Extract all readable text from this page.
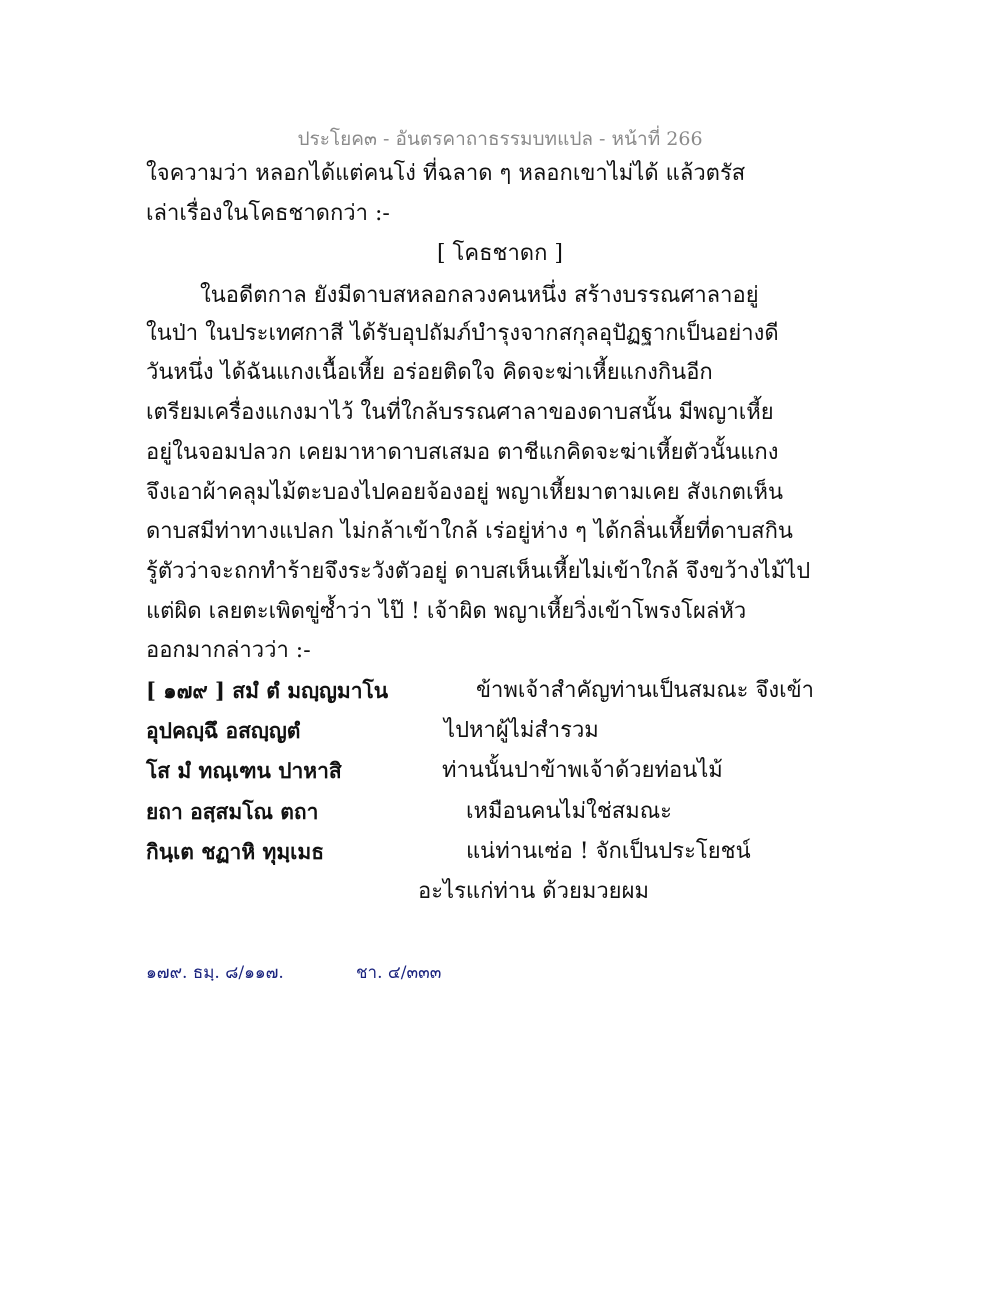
ประโยค๓ - อันตรคาถาธรรมบทแปล - หน้าที่ 266
ใจความว่า หลอกได้แต่คนโง่ ที่ฉลาด ๆ หลอกเขาไม่ได้ แล้วตรัส
เล่าเรื่องในโคธชาดกว่า :-
[ โคธชาดก ]
ในอดีตกาล ยังมีดาบสหลอกลวงคนหนึ่ง สร้างบรรณศาลาอยู่
ในป่า ในประเทศกาสี ได้รับอุปถัมภ์บำรุงจากสกุลอุปัฏฐากเป็นอย่างดี
วันหนึ่ง ได้ฉันแกงเนื้อเหี้ย อร่อยติดใจ คิดจะฆ่าเหี้ยแกงกินอีก
เตรียมเครื่องแกงมาไว้ ในที่ใกล้บรรณศาลาของดาบสนั้น มีพญาเหี้ย
อยู่ในจอมปลวก เคยมาหาดาบสเสมอ ตาชีแกคิดจะฆ่าเหี้ยตัวนั้นแกง
จึงเอาผ้าคลุมไม้ตะบองไปคอยจ้องอยู่ พญาเหี้ยมาตามเคย สังเกตเห็น
ดาบสมีท่าทางแปลก ไม่กล้าเข้าใกล้ เร่อยู่ห่าง ๆ ได้กลิ่นเหี้ยที่ดาบสกิน
รู้ตัวว่าจะถกทำร้ายจึงระวังตัวอยู่ ดาบสเห็นเหี้ยไม่เข้าใกล้ จึงขว้างไม้ไป
แต่ผิด เลยตะเพิดขู่ซ้ำว่า ไป๊ ! เจ้าผิด พญาเหี้ยวิ่งเข้าโพรงโผล่หัว
ออกมากล่าวว่า :-
[ ๑๗๙ ] สมํ ตํ มญฺญมาโน	ข้าพเจ้าสำคัญท่านเป็นสมณะ จึงเข้า
อุปคญฺฉึ อสญฺญตํ	ไปหาผู้ไม่สำรวม
โส มํ ทณฺเฑน ปาหาสิ	ท่านนั้นปาข้าพเจ้าด้วยท่อนไม้
ยถา อสฺสมโณ ตถา	เหมือนคนไม่ใช่สมณะ
กินฺเต ชฏาหิ ทุมฺเมธ	แน่ท่านเซ่อ ! จักเป็นประโยชน์
อะไรแก่ท่าน ด้วยมวยผม
๑๗๙. ธมฺ. ๘/๑๑๗.	ชา. ๔/๓๓๓
